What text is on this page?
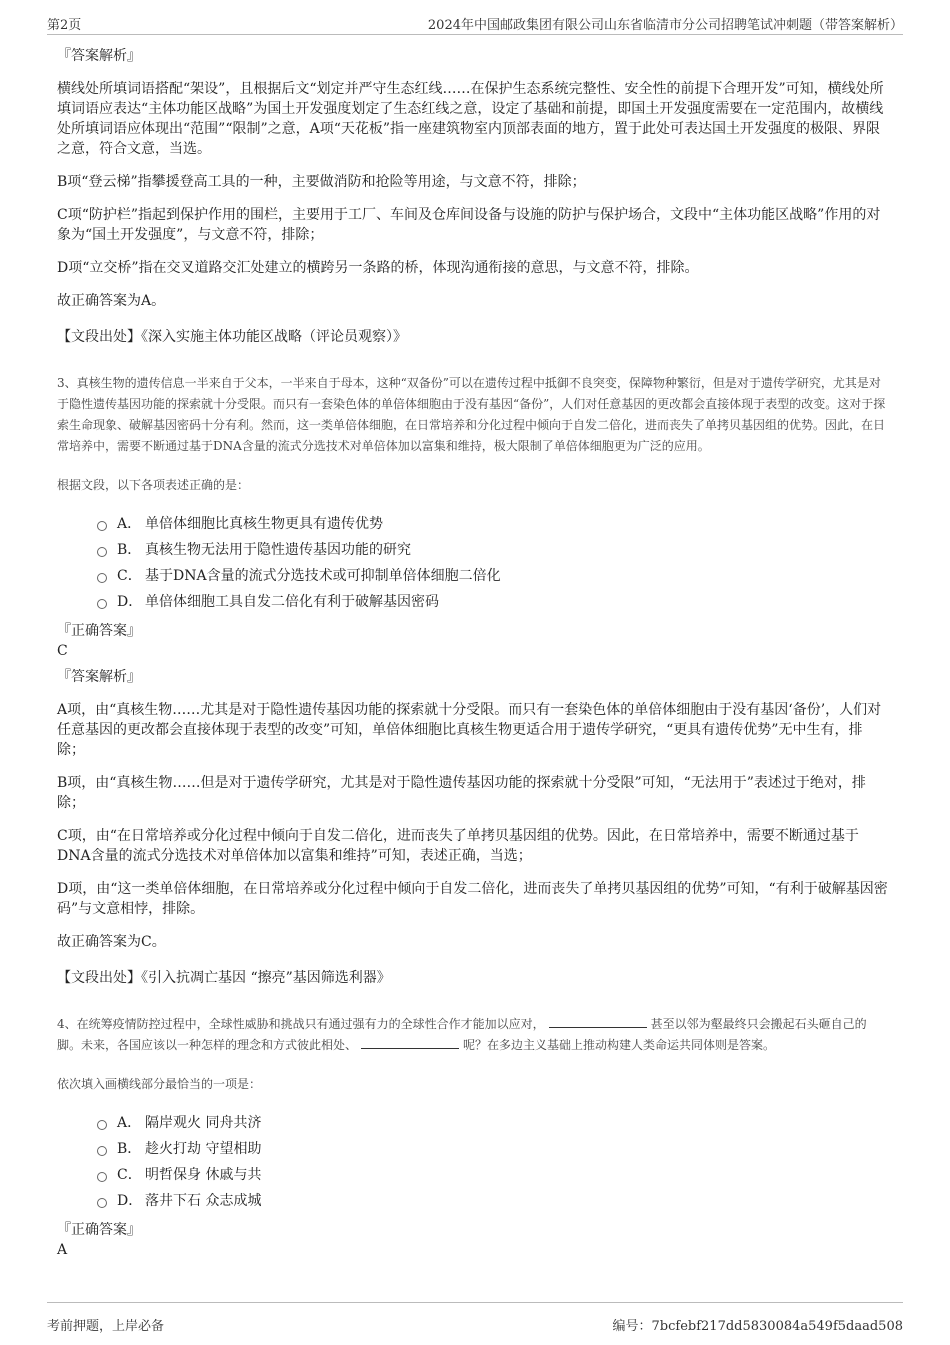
第2页	2024年中国邮政集团有限公司山东省临清市分公司招聘笔试冲刺题（带答案解析）
『答案解析』

横线处所填词语搭配“架设”，且根据后文“划定并严守生态红线……在保护生态系统完整性、安全性的前提下合理开发”可知，横线处所填词语应表达“主体功能区战略”为国土开发强度划定了生态红线之意，设定了基础和前提，即国土开发强度需要在一定范围内，故横线处所填词语应体现出“范围”“限制”之意，A项“天花板”指一座建筑物室内顶部表面的地方，置于此处可表达国土开发强度的极限、界限之意，符合文意，当选。

B项“登云梯”指攀援登高工具的一种，主要做消防和抢险等用途，与文意不符，排除；

C项“防护栏”指起到保护作用的围栏，主要用于工厂、车间及仓库间设备与设施的防护与保护场合，文段中“主体功能区战略”作用的对象为“国土开发强度”，与文意不符，排除；

D项“立交桥”指在交叉道路交汇处建立的横跨另一条路的桥，体现沟通衔接的意思，与文意不符，排除。

故正确答案为A。

【文段出处】《深入实施主体功能区战略（评论员观察）》
3、真核生物的遗传信息一半来自于父本，一半来自于母本，这种“双备份”可以在遗传过程中抵御不良突变，保障物种繁衍，但是对于遗传学研究，尤其是对于隐性遗传基因功能的探索就十分受限。而只有一套染色体的单倍体细胞由于没有基因“备份”，人们对任意基因的更改都会直接体现于表型的改变。这对于探索生命现象、破解基因密码十分有利。然而，这一类单倍体细胞，在日常培养和分化过程中倾向于自发二倍化，进而丧失了单拷贝基因组的优势。因此，在日常培养中，需要不断通过基于DNA含量的流式分选技术对单倍体加以富集和维持，极大限制了单倍体细胞更为广泛的应用。
根据文段，以下各项表述正确的是：
A． 单倍体细胞比真核生物更具有遗传优势
B． 真核生物无法用于隐性遗传基因功能的研究
C． 基于DNA含量的流式分选技术或可抑制单倍体细胞二倍化
D． 单倍体细胞工具自发二倍化有利于破解基因密码
『正确答案』
C
『答案解析』

A项，由“真核生物……尤其是对于隐性遗传基因功能的探索就十分受限。而只有一套染色体的单倍体细胞由于没有基因‘备份’，人们对任意基因的更改都会直接体现于表型的改变”可知，单倍体细胞比真核生物更适合用于遗传学研究，“更具有遗传优势”无中生有，排除；

B项，由“真核生物……但是对于遗传学研究，尤其是对于隐性遗传基因功能的探索就十分受限”可知，“无法用于”表述过于绝对，排除；

C项，由“在日常培养或分化过程中倾向于自发二倍化，进而丧失了单拷贝基因组的优势。因此，在日常培养中，需要不断通过基于DNA含量的流式分选技术对单倍体加以富集和维持”可知，表述正确，当选；

D项，由“这一类单倍体细胞，在日常培养或分化过程中倾向于自发二倍化，进而丧失了单拷贝基因组的优势”可知，“有利于破解基因密码”与文意相悖，排除。

故正确答案为C。

【文段出处】《引入抗凋亡基因 “擦亮”基因筛选利器》
4、在统筹疫情防控过程中，全球性威胁和挑战只有通过强有力的全球性合作才能加以应对，	甚至以邻为壑最终只会搬起石头砸自己的脚。未来，各国应该以一种怎样的理念和方式彼此相处、	呢？在多边主义基础上推动构建人类命运共同体则是答案。
依次填入画横线部分最恰当的一项是：
A． 隔岸观火 同舟共济
B． 趁火打劫 守望相助
C． 明哲保身 休戚与共
D． 落井下石 众志成城
『正确答案』
A
考前押题，上岸必备	编号：7bcfebf217dd5830084a549f5daad508
